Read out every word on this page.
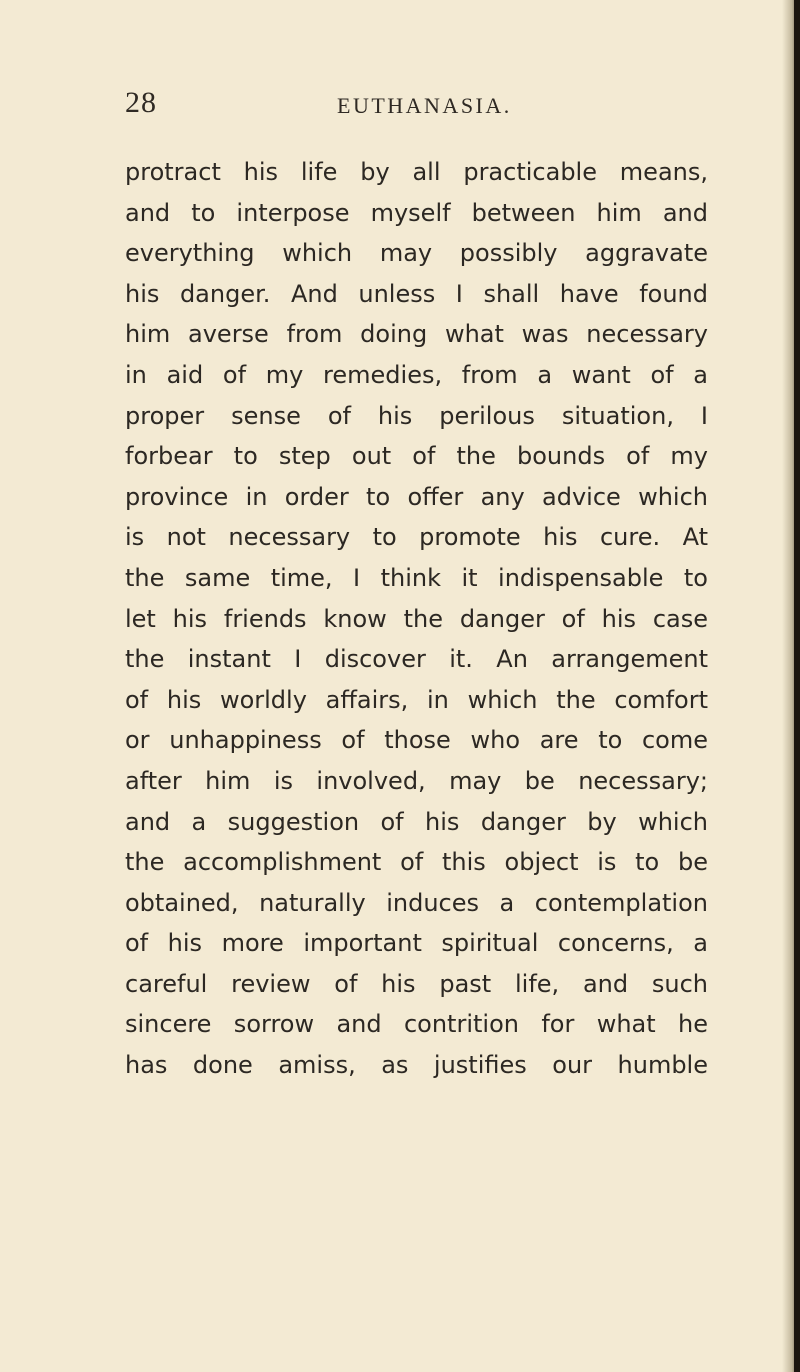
28	EUTHANASIA.
protract his life by all practicable means,
and to interpose myself between him and
everything which may possibly aggravate
his danger. And unless I shall have found
him averse from doing what was necessary
in aid of my remedies, from a want of a
proper sense of his perilous situation, I
forbear to step out of the bounds of my
province in order to offer any advice which
is not necessary to promote his cure. At
the same time, I think it indispensable to
let his friends know the danger of his case
the instant I discover it. An arrangement
of his worldly affairs, in which the comfort
or unhappiness of those who are to come
after him is involved, may be necessary;
and a suggestion of his danger by which
the accomplishment of this object is to be
obtained, naturally induces a contemplation
of his more important spiritual concerns, a
careful review of his past life, and such
sincere sorrow and contrition for what he
has done amiss, as justifies our humble
